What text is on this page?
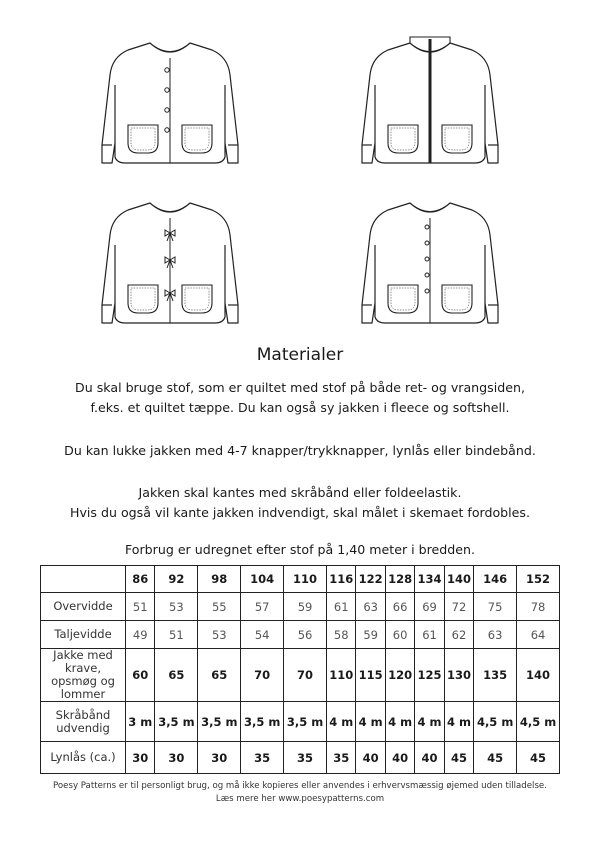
Materialer
Du skal bruge stof, som er quiltet med stof på både ret- og vrangsiden,
f.eks. et quiltet tæppe. Du kan også sy jakken i fleece og softshell.
Du kan lukke jakken med 4-7 knapper/trykknapper, lynlås eller bindebånd.
Jakken skal kantes med skråbånd eller foldeelastik.
Hvis du også vil kante jakken indvendigt, skal målet i skemaet fordobles.
Forbrug er udregnet efter stof på 1,40 meter i bredden.
	86	92	98	104	110	116	122	128	134	140	146	152
Overvidde	51	53	55	57	59	61	63	66	69	72	75	78
Taljevidde	49	51	53	54	56	58	59	60	61	62	63	64
Jakke med krave, opsmøg og lommer	60	65	65	70	70	110	115	120	125	130	135	140
Skråbånd udvendig	3 m	3,5 m	3,5 m	3,5 m	3,5 m	4 m	4 m	4 m	4 m	4 m	4,5 m	4,5 m
Lynlås (ca.)	30	30	30	35	35	35	40	40	40	45	45	45
Poesy Patterns er til personligt brug, og må ikke kopieres eller anvendes i erhvervsmæssig øjemed uden tilladelse.
Læs mere her www.poesypatterns.com
